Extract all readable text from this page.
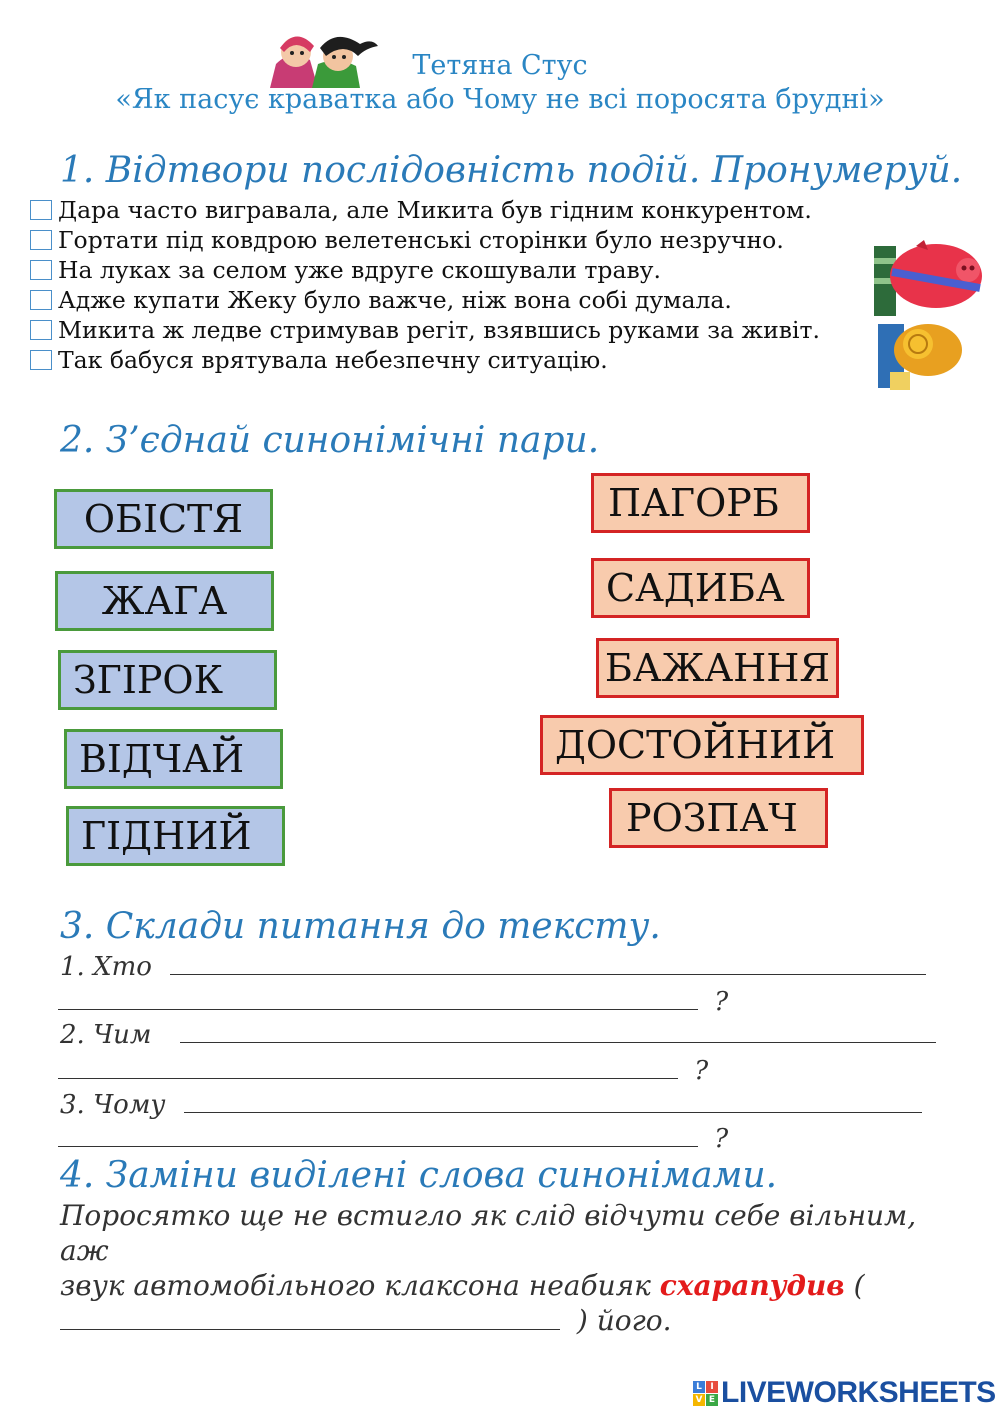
Тетяна Стус
«Як пасує краватка або Чому не всі поросята брудні»
1. Відтвори послідовність подій. Пронумеруй.
Дара часто вигравала, але Микита був гідним конкурентом.
Гортати під ковдрою велетенські сторінки було незручно.
На луках за селом уже вдруге скошували траву.
Адже купати Жеку було важче, ніж вона собі думала.
Микита ж ледве стримував регіт, взявшись руками за живіт.
Так бабуся врятувала небезпечну ситуацію.
2. З’єднай синонімічні пари.
ОБІСТЯ
ЖАГА
ЗГІРОК
ВІДЧАЙ
ГІДНИЙ
ПАГОРБ
САДИБА
БАЖАННЯ
ДОСТОЙНИЙ
РОЗПАЧ
3. Склади питання до тексту.
1. Хто
?
2. Чим
?
3. Чому
?
4. Заміни виділені слова синонімами.
Поросятко ще не встигло як слід відчути себе вільним, аж
звук автомобільного клаксона неабияк схарапудив (
) його.
L I
V E LIVEWORKSHEETS
